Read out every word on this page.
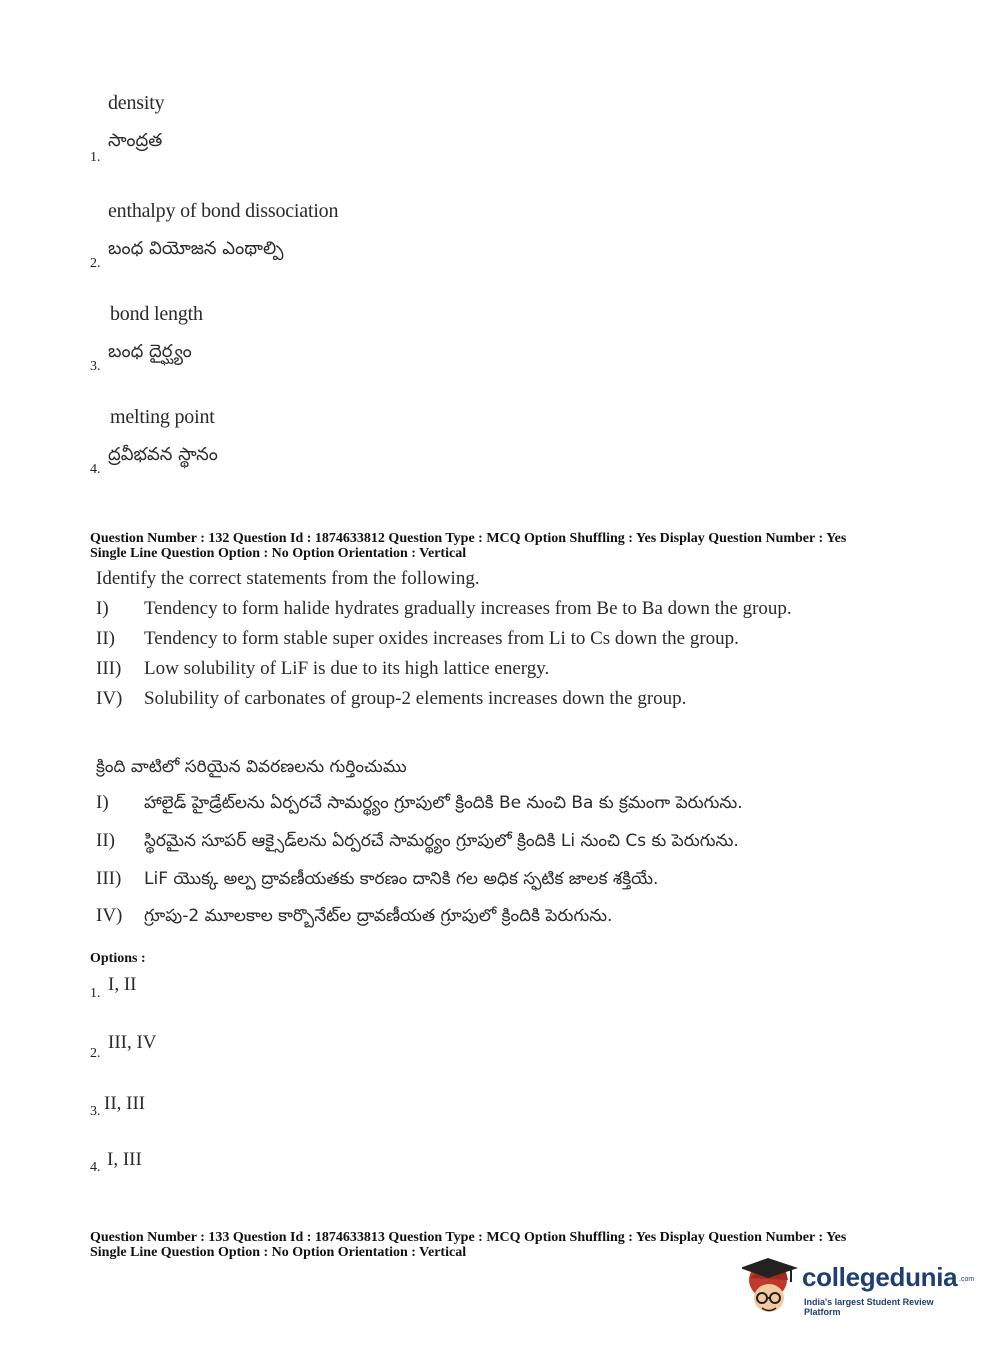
density
సాంద్రత
1.
enthalpy of bond dissociation
బంధ వియోజన ఎంథాల్పి
2.
bond length
బంధ దైర్ఘ్యం
3.
melting point
ద్రవీభవన స్థానం
4.
Question Number : 132 Question Id : 1874633812 Question Type : MCQ Option Shuffling : Yes Display Question Number : Yes
Single Line Question Option : No Option Orientation : Vertical
Identify the correct statements from the following.
I) Tendency to form halide hydrates gradually increases from Be to Ba down the group.
II) Tendency to form stable super oxides increases from Li to Cs down the group.
III) Low solubility of LiF is due to its high lattice energy.
IV) Solubility of carbonates of group-2 elements increases down the group.
క్రింది వాటిలో సరియైన వివరణలను గుర్తించుము
I) హాలైడ్ హైడ్రేట్‌లను ఏర్పరచే సామర్థ్యం గ్రూపులో క్రిందికి Be నుంచి Ba కు క్రమంగా పెరుగును.
II) స్థిరమైన సూపర్ ఆక్సైడ్‌లను ఏర్పరచే సామర్థ్యం గ్రూపులో క్రిందికి Li నుంచి Cs కు పెరుగును.
III) LiF యొక్క అల్ప ద్రావణీయతకు కారణం దానికి గల అధిక స్ఫటిక జాలక శక్తియే.
IV) గ్రూపు-2 మూలకాల కార్బొనేట్‌ల ద్రావణీయత గ్రూపులో క్రిందికి పెరుగును.
Options :
1. I, II
2.
III, IV
3. II, III
4. I, III
Question Number : 133 Question Id : 1874633813 Question Type : MCQ Option Shuffling : Yes Display Question Number : Yes
Single Line Question Option : No Option Orientation : Vertical
collegedunia .com
India's largest Student Review Platform
